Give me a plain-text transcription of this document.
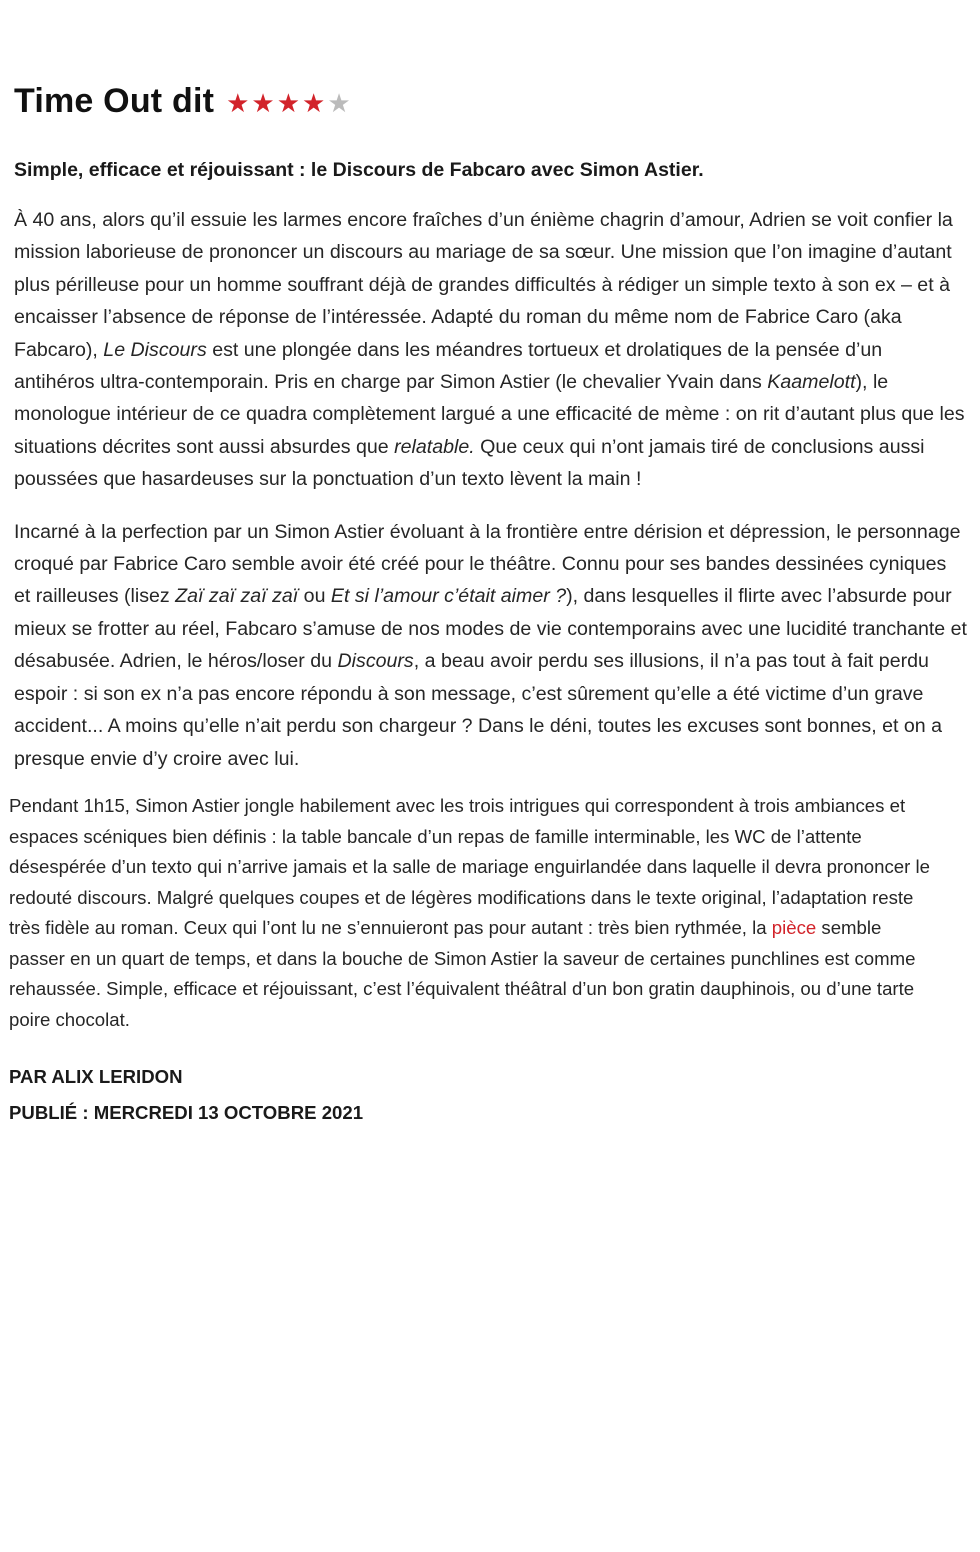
Time Out dit ★★★★★
Simple, efficace et réjouissant : le Discours de Fabcaro avec Simon Astier.

À 40 ans, alors qu’il essuie les larmes encore fraîches d’un énième chagrin d’amour, Adrien se voit confier la mission laborieuse de prononcer un discours au mariage de sa sœur. Une mission que l’on imagine d’autant plus périlleuse pour un homme souffrant déjà de grandes difficultés à rédiger un simple texto à son ex – et à encaisser l’absence de réponse de l’intéressée. Adapté du roman du même nom de Fabrice Caro (aka Fabcaro), Le Discours est une plongée dans les méandres tortueux et drolatiques de la pensée d’un antihéros ultra-contemporain. Pris en charge par Simon Astier (le chevalier Yvain dans Kaamelott), le monologue intérieur de ce quadra complètement largué a une efficacité de mème : on rit d’autant plus que les situations décrites sont aussi absurdes que relatable. Que ceux qui n’ont jamais tiré de conclusions aussi poussées que hasardeuses sur la ponctuation d’un texto lèvent la main !

Incarné à la perfection par un Simon Astier évoluant à la frontière entre dérision et dépression, le personnage croqué par Fabrice Caro semble avoir été créé pour le théâtre. Connu pour ses bandes dessinées cyniques et railleuses (lisez Zaï zaï zaï zaï ou Et si l’amour c’était aimer ?), dans lesquelles il flirte avec l’absurde pour mieux se frotter au réel, Fabcaro s’amuse de nos modes de vie contemporains avec une lucidité tranchante et désabusée. Adrien, le héros/loser du Discours, a beau avoir perdu ses illusions, il n’a pas tout à fait perdu espoir : si son ex n’a pas encore répondu à son message, c’est sûrement qu’elle a été victime d’un grave accident... A moins qu’elle n’ait perdu son chargeur ? Dans le déni, toutes les excuses sont bonnes, et on a presque envie d’y croire avec lui.

Pendant 1h15, Simon Astier jongle habilement avec les trois intrigues qui correspondent à trois ambiances et espaces scéniques bien définis : la table bancale d’un repas de famille interminable, les WC de l’attente désespérée d’un texto qui n’arrive jamais et la salle de mariage enguirlandée dans laquelle il devra prononcer le redouté discours. Malgré quelques coupes et de légères modifications dans le texte original, l’adaptation reste très fidèle au roman. Ceux qui l’ont lu ne s’ennuieront pas pour autant : très bien rythmée, la pièce semble passer en un quart de temps, et dans la bouche de Simon Astier la saveur de certaines punchlines est comme rehaussée. Simple, efficace et réjouissant, c’est l’équivalent théâtral d’un bon gratin dauphinois, ou d’une tarte poire chocolat.

PAR ALIX LERIDON
PUBLIÉ : MERCREDI 13 OCTOBRE 2021
